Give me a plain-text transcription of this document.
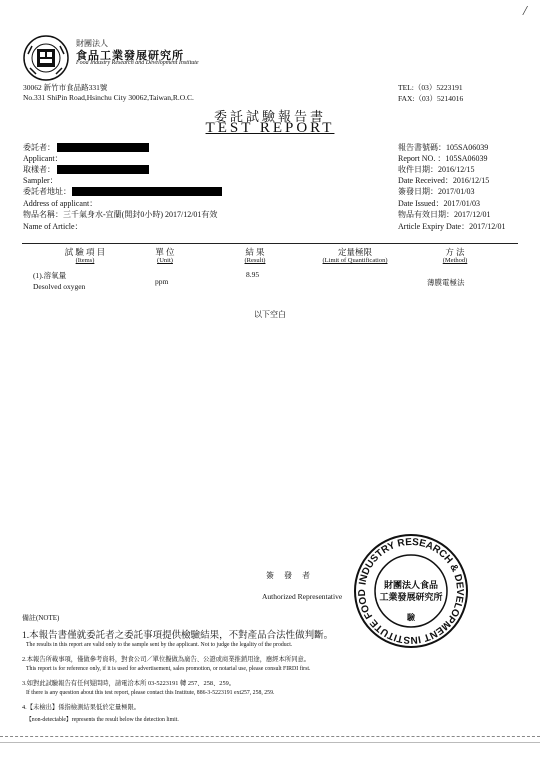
/
財團法人
食品工業發展研究所
Food Industry Research and Development Institute
30062 新竹市食品路331號
No.331 ShiPin Road,Hsinchu City 30062,Taiwan,R.O.C.
TEL:（03）5223191
FAX:（03）5214016
委託試驗報告書
TEST REPORT
委託者：
Applicant：
取樣者：
Sampler：
委託者地址：
Address of applicant：
物品名稱：三千氣身水-宜蘭(開封0小時) 2017/12/01有效
Name of Article：
報告書號碼：105SA06039
Report NO. ：105SA06039
收件日期：2016/12/15
Date Received：2016/12/15
簽發日期：2017/01/03
Date Issued：2017/01/03
物品有效日期：2017/12/01
Article Expiry Date：2017/12/01
試 驗 項 目
(Items)
單 位
(Unit)
結 果
(Result)
定量極限
(Limit of Quantification)
方 法
(Method)
(1).溶氧量
Desolved oxygen
ppm
8.95
薄膜電極法
以下空白
簽 發 者
Authorized Representative
INDUSTRY RESEARCH & DEVELOPMENT INSTITUTE FOOD
財團法人食品
工業發展研究所
驗
備註(NOTE)
1.本報告書僅就委託者之委託事項提供檢驗結果，不對產品合法性做判斷。
The results in this report are valid only to the sample sent by the applicant. Not to judge the legality of the product.
2.本報告所載事項，僅做參考資料，對食公司／單位擬做為廣告、公證或商業推銷用途，應經本所同意。
This report is for reference only, if it is used for advertisement, sales promotion, or notarial use, please consult FIRDI first.
3.如對此試驗報告有任何疑問時，請電洽本所 03-5223191 轉 257、258、259。
If there is any question about this test report, please contact this Institute, 886-3-5223191 ext257, 258, 259.
4.【未檢出】係指檢測結果低於定量極限。
【non-detectable】represents the result below the detection limit.
